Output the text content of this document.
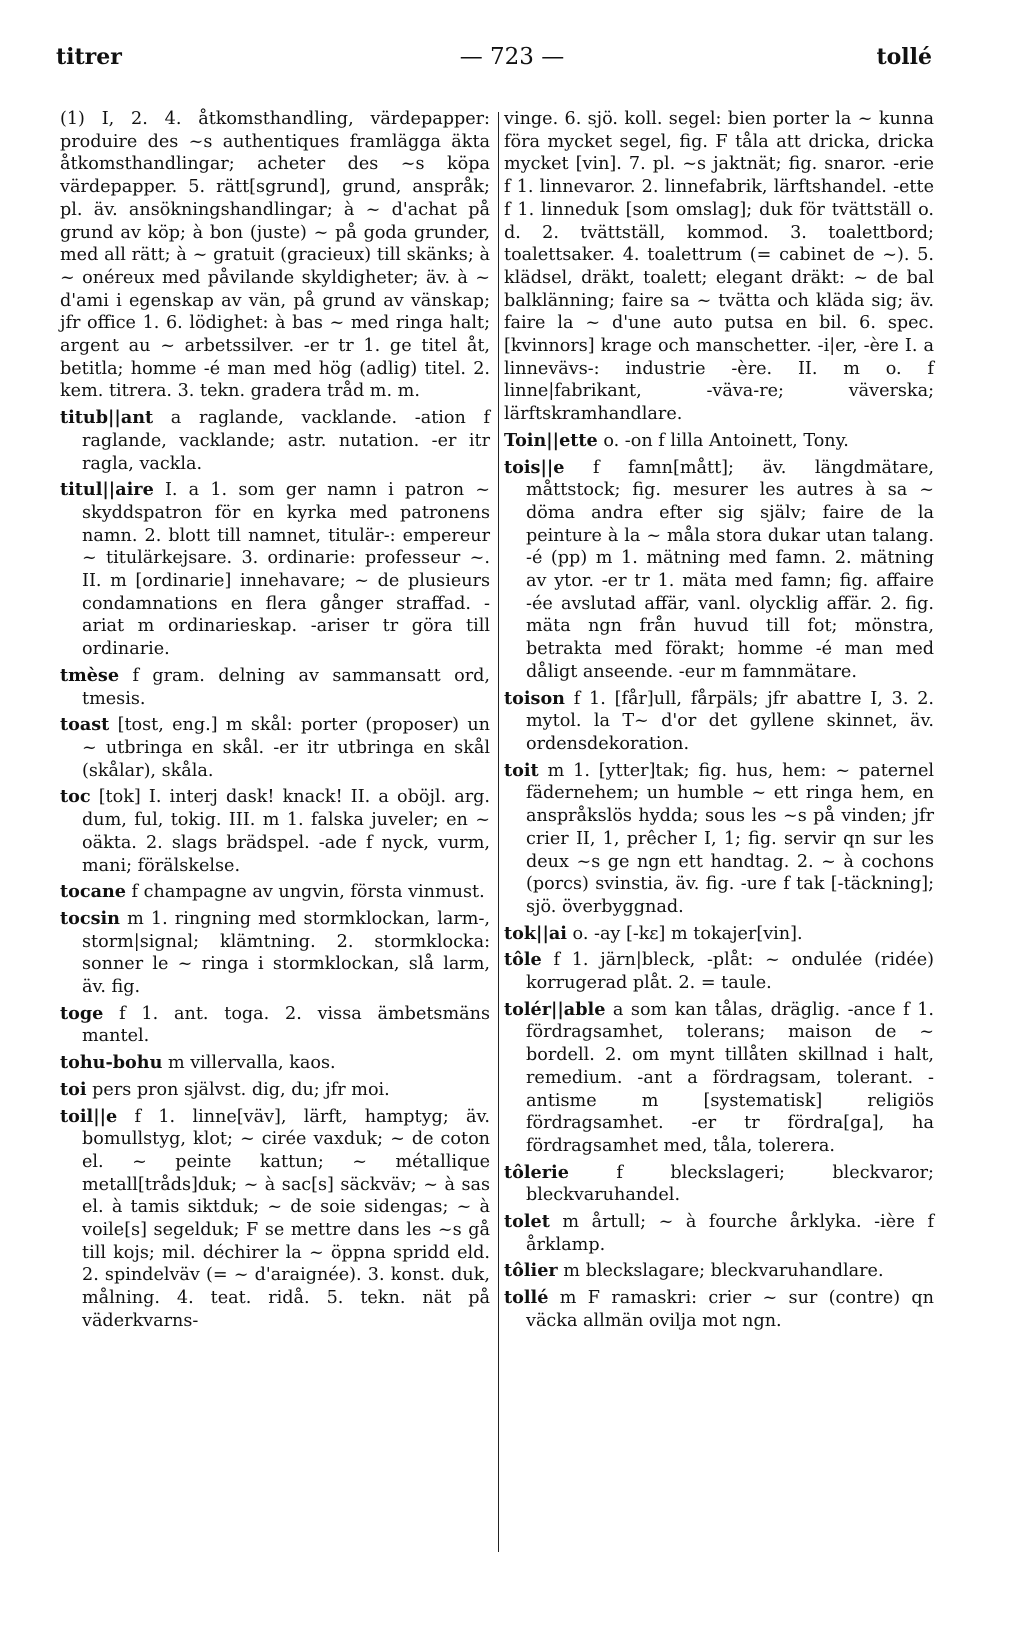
titrer	— 723 —	tollé

(1) I, 2. 4. åtkomsthandling, värdepapper: produire des ~s authentiques framlägga äkta åtkomsthandlingar; acheter des ~s köpa värdepapper. 5. rätt[sgrund], grund, anspråk; pl. äv. ansökningshandlingar; à ~ d'achat på grund av köp; à bon (juste) ~ på goda grunder, med all rätt; à ~ gratuit (gracieux) till skänks; à ~ onéreux med påvilande skyldigheter; äv. à ~ d'ami i egenskap av vän, på grund av vänskap; jfr office 1. 6. lödighet: à bas ~ med ringa halt; argent au ~ arbetssilver. -er tr 1. ge titel åt, betitla; homme -é man med hög (adlig) titel. 2. kem. titrera. 3. tekn. gradera tråd m. m.

titub||ant a raglande, vacklande. -ation f raglande, vacklande; astr. nutation. -er itr ragla, vackla.

titul||aire I. a 1. som ger namn i patron ~ skyddspatron för en kyrka med patronens namn. 2. blott till namnet, titulär-: empereur ~ titulärkejsare. 3. ordinarie: professeur ~. II. m [ordinarie] innehavare; ~ de plusieurs condamnations en flera gånger straffad. -ariat m ordinarieskap. -ariser tr göra till ordinarie.

tmèse f gram. delning av sammansatt ord, tmesis.

toast [tost, eng.] m skål: porter (proposer) un ~ utbringa en skål. -er itr utbringa en skål (skålar), skåla.

toc [tok] I. interj dask! knack! II. a oböjl. arg. dum, ful, tokig. III. m 1. falska juveler; en ~ oäkta. 2. slags brädspel. -ade f nyck, vurm, mani; förälskelse.

tocane f champagne av ungvin, första vinmust.

tocsin m 1. ringning med stormklockan, larm-, storm|signal; klämtning. 2. stormklocka: sonner le ~ ringa i stormklockan, slå larm, äv. fig.

toge f 1. ant. toga. 2. vissa ämbetsmäns mantel.

tohu-bohu m villervalla, kaos.

toi pers pron självst. dig, du; jfr moi.

toil||e f 1. linne[väv], lärft, hamptyg; äv. bomullstyg, klot; ~ cirée vaxduk; ~ de coton el. ~ peinte kattun; ~ métallique metall[tråds]duk; ~ à sac[s] säckväv; ~ à sas el. à tamis siktduk; ~ de soie sidengas; ~ à voile[s] segelduk; F se mettre dans les ~s gå till kojs; mil. déchirer la ~ öppna spridd eld. 2. spindelväv (= ~ d'araignée). 3. konst. duk, målning. 4. teat. ridå. 5. tekn. nät på väderkvarns-

vinge. 6. sjö. koll. segel: bien porter la ~ kunna föra mycket segel, fig. F tåla att dricka, dricka mycket [vin]. 7. pl. ~s jaktnät; fig. snaror. -erie f 1. linnevaror. 2. linnefabrik, lärftshandel. -ette f 1. linneduk [som omslag]; duk för tvättställ o. d. 2. tvättställ, kommod. 3. toalettbord; toalettsaker. 4. toalettrum (= cabinet de ~). 5. klädsel, dräkt, toalett; elegant dräkt: ~ de bal balklänning; faire sa ~ tvätta och kläda sig; äv. faire la ~ d'une auto putsa en bil. 6. spec. [kvinnors] krage och manschetter. -i|er, -ère I. a linnevävs-: industrie -ère. II. m o. f linne|fabrikant, -väva-re; väverska; lärftskramhandlare.

Toin||ette o. -on f lilla Antoinett, Tony.

tois||e f famn[mått]; äv. längdmätare, måttstock; fig. mesurer les autres à sa ~ döma andra efter sig själv; faire de la peinture à la ~ måla stora dukar utan talang. -é (pp) m 1. mätning med famn. 2. mätning av ytor. -er tr 1. mäta med famn; fig. affaire -ée avslutad affär, vanl. olycklig affär. 2. fig. mäta ngn från huvud till fot; mönstra, betrakta med förakt; homme -é man med dåligt anseende. -eur m famnmätare.

toison f 1. [får]ull, fårpäls; jfr abattre I, 3. 2. mytol. la T~ d'or det gyllene skinnet, äv. ordensdekoration.

toit m 1. [ytter]tak; fig. hus, hem: ~ paternel fädernehem; un humble ~ ett ringa hem, en anspråkslös hydda; sous les ~s på vinden; jfr crier II, 1, prêcher I, 1; fig. servir qn sur les deux ~s ge ngn ett handtag. 2. ~ à cochons (porcs) svinstia, äv. fig. -ure f tak [-täckning]; sjö. överbyggnad.

tok||ai o. -ay [-kε] m tokajer[vin].

tôle f 1. järn|bleck, -plåt: ~ ondulée (ridée) korrugerad plåt. 2. = taule.

tolér||able a som kan tålas, dräglig. -ance f 1. fördragsamhet, tolerans; maison de ~ bordell. 2. om mynt tillåten skillnad i halt, remedium. -ant a fördragsam, tolerant. -antisme m [systematisk] religiös fördragsamhet. -er tr fördra[ga], ha fördragsamhet med, tåla, tolerera.

tôlerie f bleckslageri; bleckvaror; bleckvaruhandel.

tolet m årtull; ~ à fourche årklyka. -ière f årklamp.

tôlier m bleckslagare; bleckvaruhandlare.

tollé m F ramaskri: crier ~ sur (contre) qn väcka allmän ovilja mot ngn.
